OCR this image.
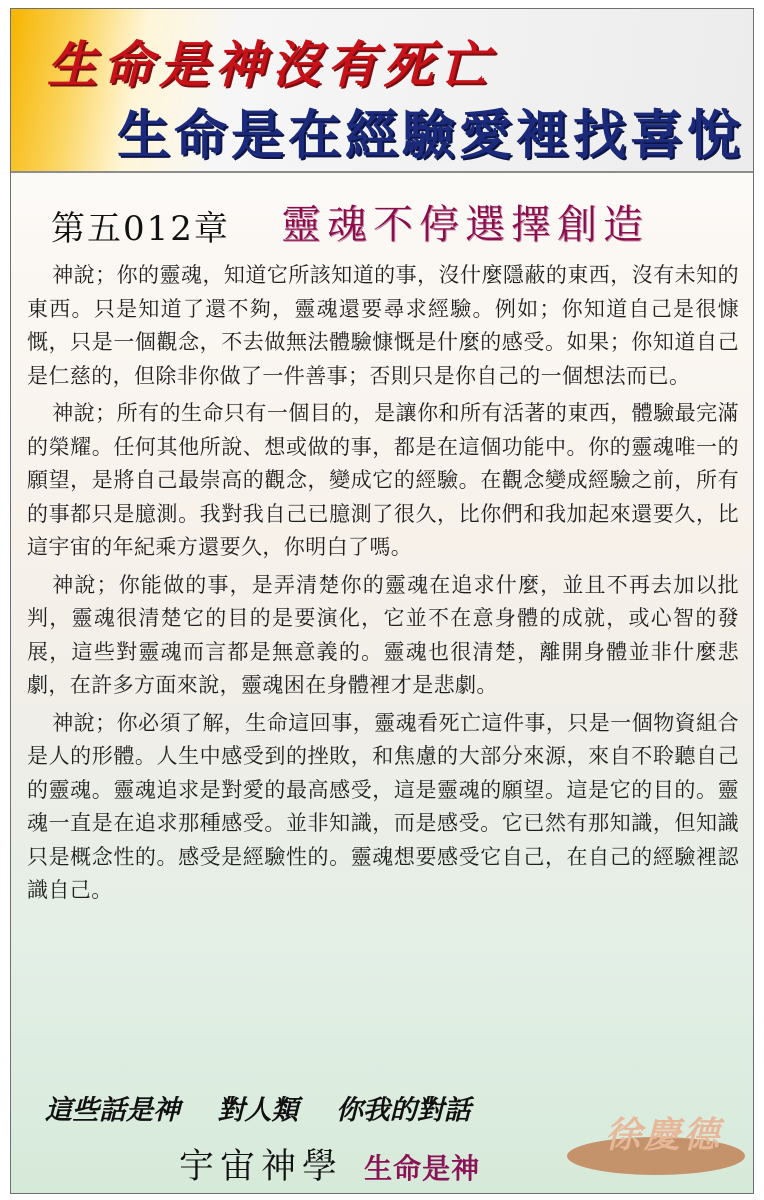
生命是神沒有死亡
生命是在經驗愛裡找喜悅
第五012章 靈魂不停選擇創造

神說；你的靈魂，知道它所該知道的事，沒什麼隱蔽的東西，沒有未知的東西。只是知道了還不夠，靈魂還要尋求經驗。例如；你知道自己是很慷慨，只是一個觀念，不去做無法體驗慷慨是什麼的感受。如果；你知道自己是仁慈的，但除非你做了一件善事；否則只是你自己的一個想法而已。

神說；所有的生命只有一個目的，是讓你和所有活著的東西，體驗最完滿的榮耀。任何其他所說、想或做的事，都是在這個功能中。你的靈魂唯一的願望，是將自己最崇高的觀念，變成它的經驗。在觀念變成經驗之前，所有的事都只是臆測。我對我自己已臆測了很久，比你們和我加起來還要久，比這宇宙的年紀乘方還要久，你明白了嗎。

神說；你能做的事，是弄清楚你的靈魂在追求什麼，並且不再去加以批判，靈魂很清楚它的目的是要演化，它並不在意身體的成就，或心智的發展，這些對靈魂而言都是無意義的。靈魂也很清楚，離開身體並非什麼悲劇，在許多方面來說，靈魂困在身體裡才是悲劇。

神說；你必須了解，生命這回事，靈魂看死亡這件事，只是一個物資組合是人的形體。人生中感受到的挫敗，和焦慮的大部分來源，來自不聆聽自己的靈魂。靈魂追求是對愛的最高感受，這是靈魂的願望。這是它的目的。靈魂一直是在追求那種感受。並非知識，而是感受。它已然有那知識，但知識只是概念性的。感受是經驗性的。靈魂想要感受它自己，在自己的經驗裡認識自己。

這些話是神 對人類 你我的對話
徐慶德
宇宙神學 生命是神
